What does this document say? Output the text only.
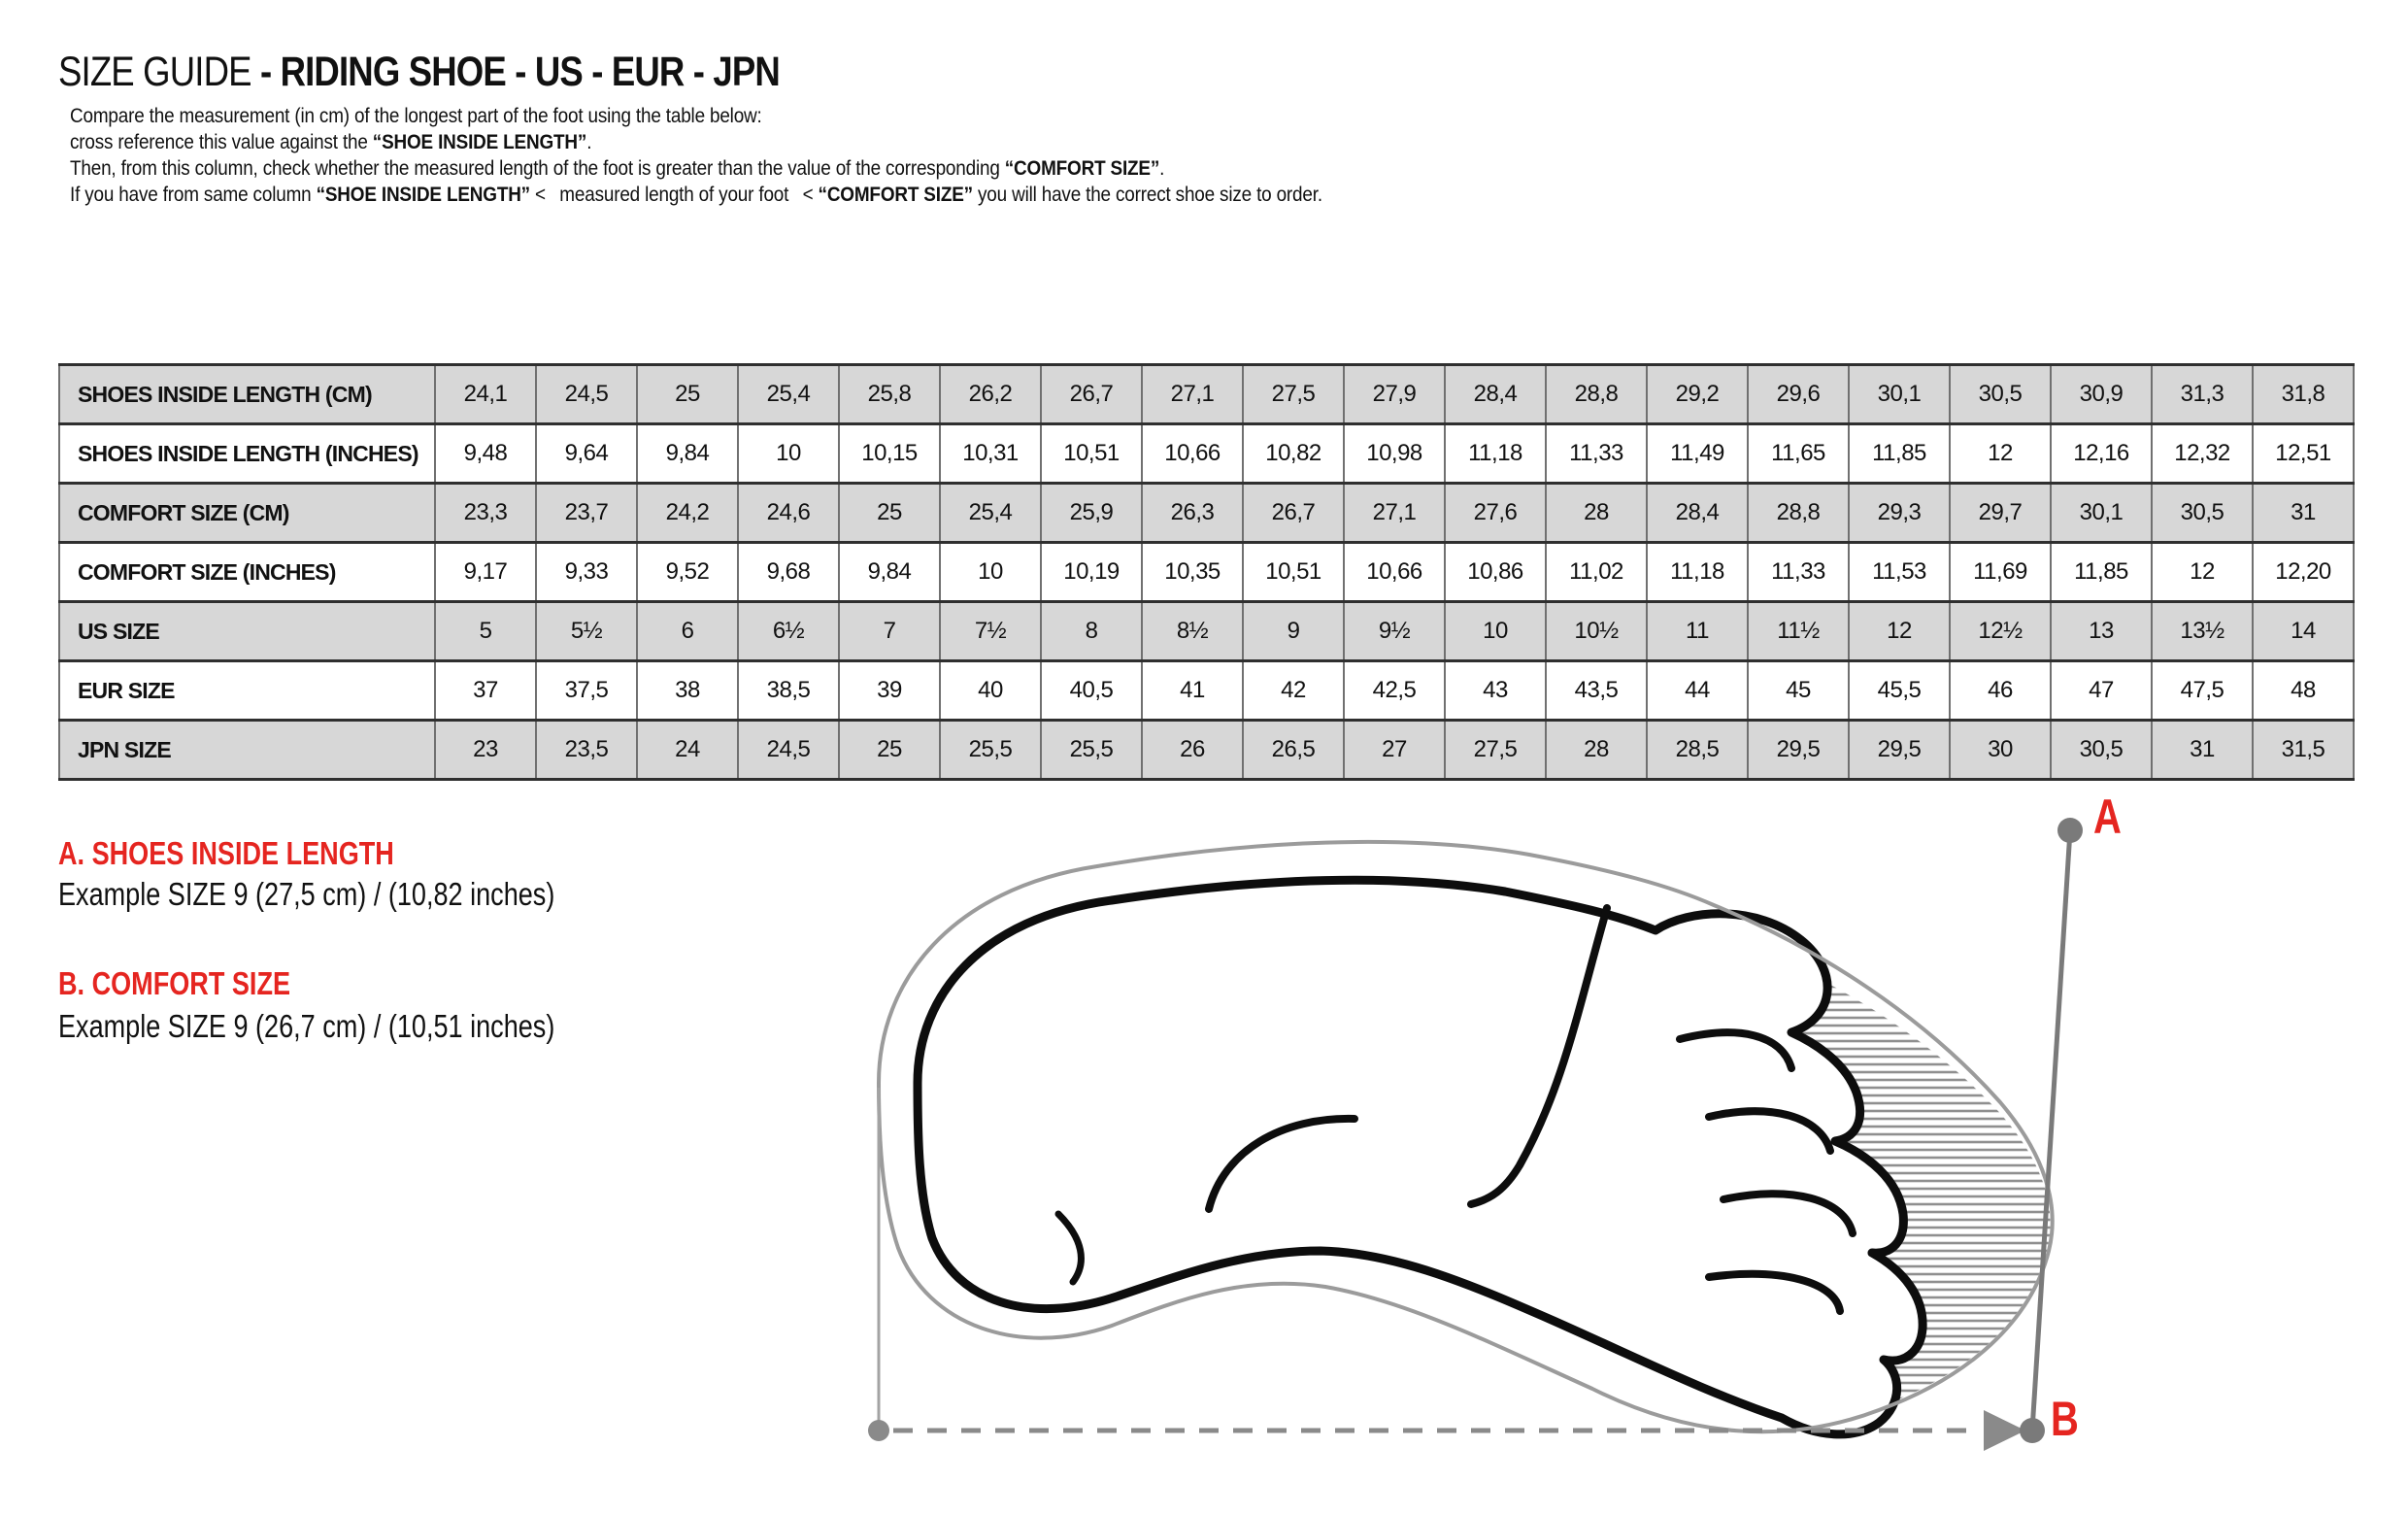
SIZE GUIDE - RIDING SHOE - US - EUR - JPN
Compare the measurement (in cm) of the longest part of the foot using the table below:
cross reference this value against the “SHOE INSIDE LENGTH”.
Then, from this column, check whether the measured length of the foot is greater than the value of the corresponding “COMFORT SIZE”.
If you have from same column “SHOE INSIDE LENGTH” <  measured length of your foot  < “COMFORT SIZE” you will have the correct shoe size to order.
SHOES INSIDE LENGTH (CM)	24,1	24,5	25	25,4	25,8	26,2	26,7	27,1	27,5	27,9	28,4	28,8	29,2	29,6	30,1	30,5	30,9	31,3	31,8
SHOES INSIDE LENGTH (INCHES)	9,48	9,64	9,84	10	10,15	10,31	10,51	10,66	10,82	10,98	11,18	11,33	11,49	11,65	11,85	12	12,16	12,32	12,51
COMFORT SIZE (CM)	23,3	23,7	24,2	24,6	25	25,4	25,9	26,3	26,7	27,1	27,6	28	28,4	28,8	29,3	29,7	30,1	30,5	31
COMFORT SIZE (INCHES)	9,17	9,33	9,52	9,68	9,84	10	10,19	10,35	10,51	10,66	10,86	11,02	11,18	11,33	11,53	11,69	11,85	12	12,20
US SIZE	5	5½	6	6½	7	7½	8	8½	9	9½	10	10½	11	11½	12	12½	13	13½	14
EUR SIZE	37	37,5	38	38,5	39	40	40,5	41	42	42,5	43	43,5	44	45	45,5	46	47	47,5	48
JPN SIZE	23	23,5	24	24,5	25	25,5	25,5	26	26,5	27	27,5	28	28,5	29,5	29,5	30	30,5	31	31,5
A. SHOES INSIDE LENGTH
Example SIZE 9 (27,5 cm) / (10,82 inches)
B. COMFORT SIZE
Example SIZE 9 (26,7 cm) / (10,51 inches)
A
B
